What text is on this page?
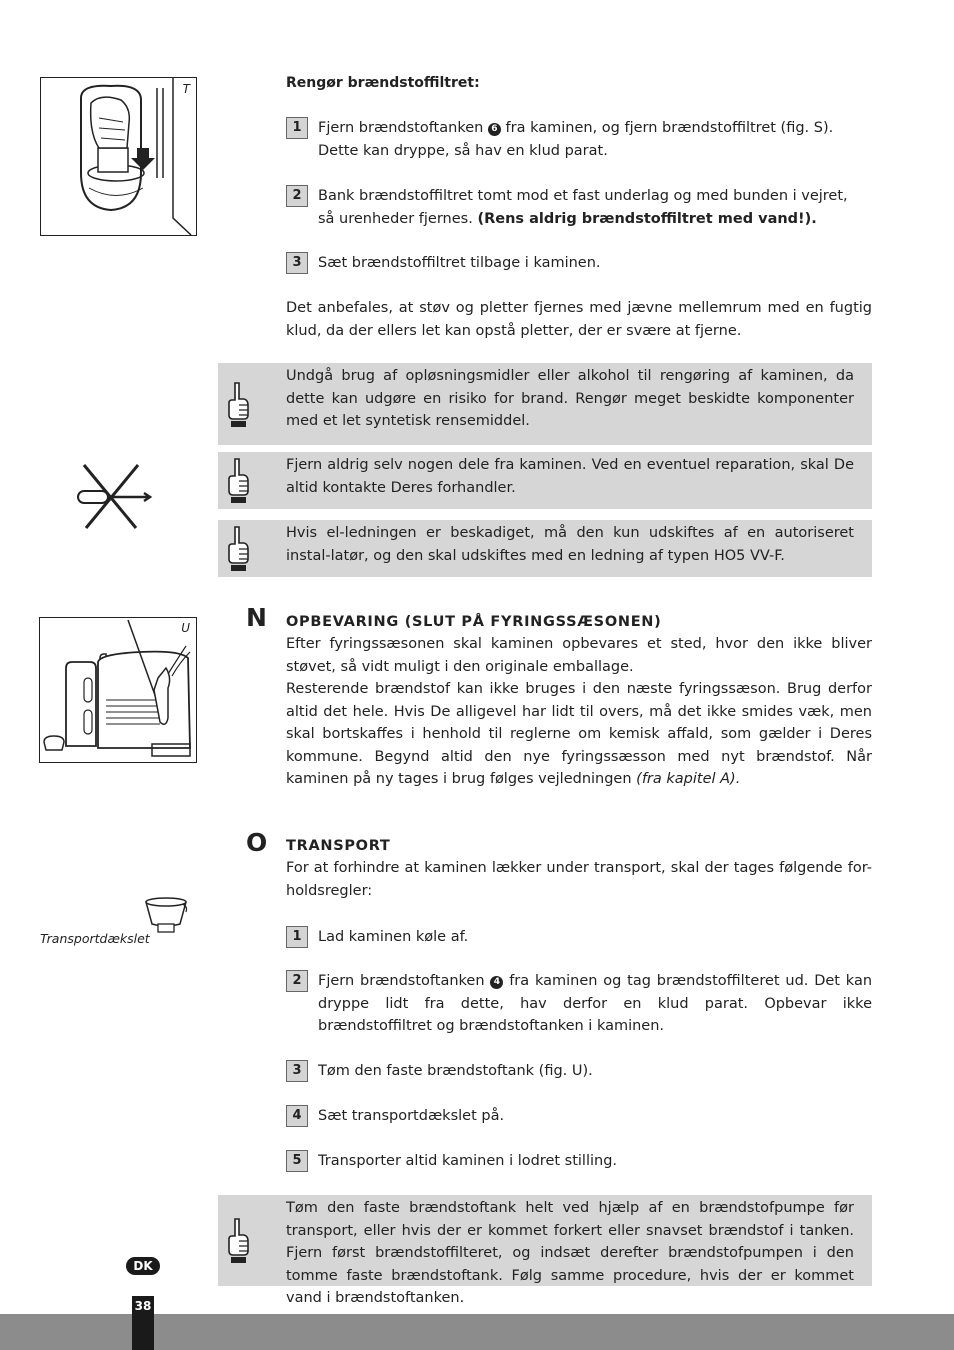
T	Rengør brændstoffiltret:
1	Fjern brændstoftanken 6 fra kaminen, og fjern brændstoffiltret (fig. S).
Dette kan dryppe, så hav en klud parat.
2	Bank brændstoffiltret tomt mod et fast underlag og med bunden i vejret,
så urenheder fjernes. (Rens aldrig brændstoffiltret med vand!).
3	Sæt brændstoffiltret tilbage i kaminen.
Det anbefales, at støv og pletter fjernes med jævne mellemrum med en fugtig klud, da der ellers let kan opstå pletter, der er svære at fjerne.
Undgå brug af opløsningsmidler eller alkohol til rengøring af kaminen, da dette kan udgøre en risiko for brand. Rengør meget beskidte komponenter med et let syntetisk rensemiddel.
Fjern aldrig selv nogen dele fra kaminen. Ved en eventuel reparation, skal De altid kontakte Deres forhandler.
Hvis el-ledningen er beskadiget, må den kun udskiftes af en autoriseret instal-latør, og den skal udskiftes med en ledning af typen HO5 VV-F.
N OPBEVARING (SLUT PÅ FYRINGSSÆSONEN)
Efter fyringssæsonen skal kaminen opbevares et sted, hvor den ikke bliver støvet, så vidt muligt i den originale emballage.
Resterende brændstof kan ikke bruges i den næste fyringssæson. Brug derfor altid det hele. Hvis De alligevel har lidt til overs, må det ikke smides væk, men skal bortskaffes i henhold til reglerne om kemisk affald, som gælder i Deres kommune. Begynd altid den nye fyringssæsson med nyt brændstof. Når kaminen på ny tages i brug følges vejledningen (fra kapitel A).
U
O TRANSPORT
For at forhindre at kaminen lækker under transport, skal der tages følgende for-holdsregler:
Transportdækslet	1	Lad kaminen køle af.
2	Fjern brændstoftanken 4 fra kaminen og tag brændstoffilteret ud. Det kan dryppe lidt fra dette, hav derfor en klud parat. Opbevar ikke brændstoffiltret og brændstoftanken i kaminen.
3	Tøm den faste brændstoftank (fig. U).
4	Sæt transportdækslet på.
5	Transporter altid kaminen i lodret stilling.
Tøm den faste brændstoftank helt ved hjælp af en brændstofpumpe før transport, eller hvis der er kommet forkert eller snavset brændstof i tanken. Fjern først brændstoffilteret, og indsæt derefter brændstofpumpen i den tomme faste brændstoftank. Følg samme procedure, hvis der er kommet vand i brændstoftanken.
DK
38
